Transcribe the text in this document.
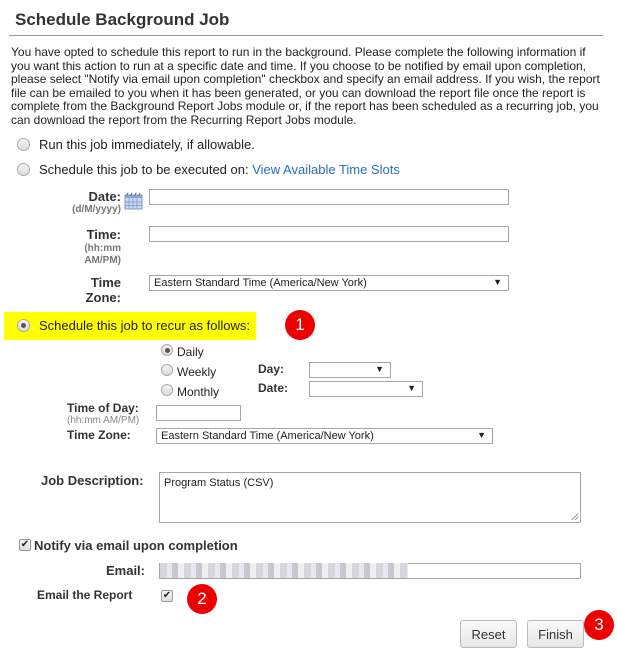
Schedule Background Job
You have opted to schedule this report to run in the background. Please complete the following information if you want this action to run at a specific date and time. If you choose to be notified by email upon completion, please select "Notify via email upon completion" checkbox and specify an email address. If you wish, the report file can be emailed to you when it has been generated, or you can download the report file once the report is complete from the Background Report Jobs module or, if the report has been scheduled as a recurring job, you can download the report from the Recurring Report Jobs module.
Run this job immediately, if allowable.
Schedule this job to be executed on: View Available Time Slots
Date:
(d/M/yyyy)
Time:
(hh:mm
AM/PM)
Time
Zone:
Eastern Standard Time (America/New York)	▼
Schedule this job to recur as follows:	1
Daily
Weekly
Monthly
Day:	▼
Date:	▼
Time of Day:
(hh:mm AM/PM)
Time Zone:	Eastern Standard Time (America/New York)	▼
Job Description:	Program Status (CSV)
✔ Notify via email upon completion
Email:
Email the Report	✔	2
Reset	Finish
3
